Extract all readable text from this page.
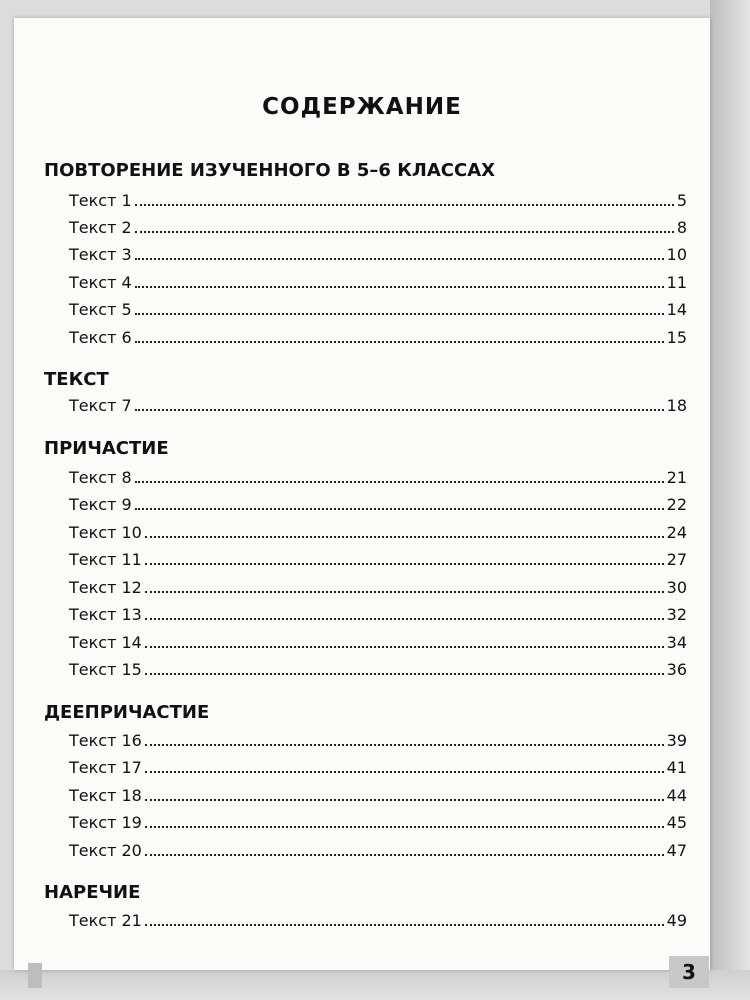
СОДЕРЖАНИЕ
ПОВТОРЕНИЕ ИЗУЧЕННОГО В 5–6 КЛАССАХ
Текст 1	5
Текст 2	8
Текст 3	10
Текст 4	11
Текст 5	14
Текст 6	15
ТЕКСТ
Текст 7	18
ПРИЧАСТИЕ
Текст 8	21
Текст 9	22
Текст 10	24
Текст 11	27
Текст 12	30
Текст 13	32
Текст 14	34
Текст 15	36
ДЕЕПРИЧАСТИЕ
Текст 16	39
Текст 17	41
Текст 18	44
Текст 19	45
Текст 20	47
НАРЕЧИЕ
Текст 21	49
3
